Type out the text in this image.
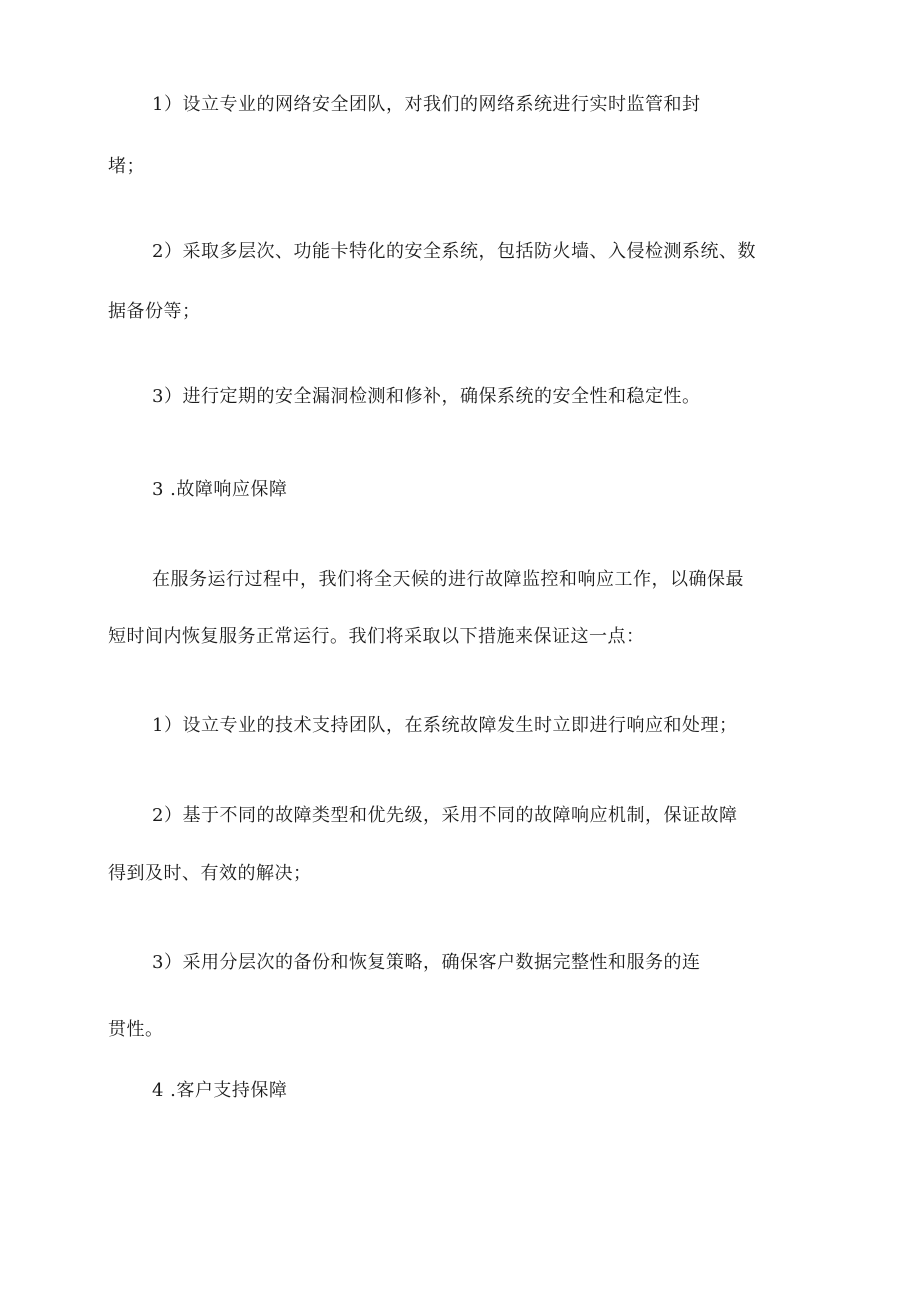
1）设立专业的网络安全团队，对我们的网络系统进行实时监管和封
堵；
2）采取多层次、功能卡特化的安全系统，包括防火墙、入侵检测系统、数
据备份等；
3）进行定期的安全漏洞检测和修补，确保系统的安全性和稳定性。
3 .故障响应保障
在服务运行过程中，我们将全天候的进行故障监控和响应工作，以确保最
短时间内恢复服务正常运行。我们将采取以下措施来保证这一点：
1）设立专业的技术支持团队，在系统故障发生时立即进行响应和处理；
2）基于不同的故障类型和优先级，采用不同的故障响应机制，保证故障
得到及时、有效的解决；
3）采用分层次的备份和恢复策略，确保客户数据完整性和服务的连
贯性。
4 .客户支持保障
